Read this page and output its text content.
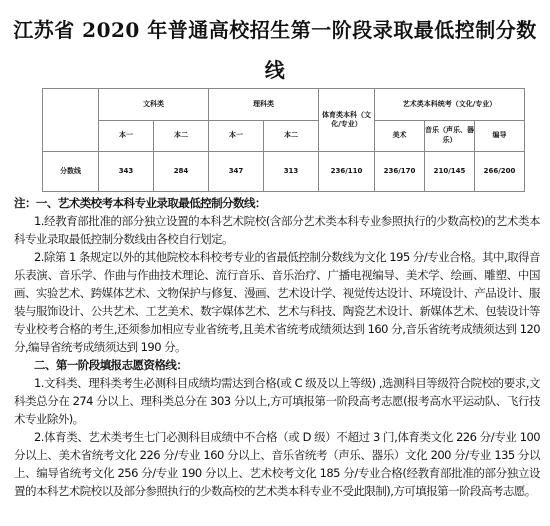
江苏省 2020 年普通高校招生第一阶段录取最低控制分数
线
	文科类		理科类		体育类本科（文化/专业）	艺术类本科统考（文化/专业）		
	本一	本二	本一	本二		美术	音乐（声乐、器乐）	编导
分数线	343	284	347	313	236/110	236/170	210/145	266/200

注：一、艺术类校考本科专业录取最低控制分数线：

1.经教育部批准的部分独立设置的本科艺术院校(含部分艺术类本科专业参照执行的少数高校)的艺术类本科专业录取最低控制分数线由各校自行划定。

2.除第 1 条规定以外的其他院校本科校考专业的省最低控制分数线为文化 195 分/专业合格。其中,取得音乐表演、音乐学、作曲与作曲技术理论、流行音乐、音乐治疗、广播电视编导、美术学、绘画、雕塑、中国画、实验艺术、跨媒体艺术、文物保护与修复、漫画、艺术设计学、视觉传达设计、环境设计、产品设计、服装与服饰设计、公共艺术、工艺美术、数字媒体艺术、艺术与科技、陶瓷艺术设计、新媒体艺术、包装设计等专业校考合格的考生,还须参加相应专业省统考,且美术省统考成绩须达到 160 分,音乐省统考成绩须达到 120 分,编导省统考成绩须达到 190 分。

二、第一阶段填报志愿资格线：

1.文科类、理科类考生必测科目成绩均需达到合格(或 C 级及以上等级) ,选测科目等级符合院校的要求,文科类总分在 274 分以上、理科类总分在 303 分以上,方可填报第一阶段高考志愿(报考高水平运动队、飞行技术专业除外)。

2.体育类、艺术类考生七门必测科目成绩中不合格（或 D 级）不超过 3 门,体育类文化 226 分/专业 100 分以上、美术省统考文化 226 分/专业 160 分以上、音乐省统考（声乐、器乐）文化 200 分/专业 135 分以上、编导省统考文化 256 分/专业 190 分以上、艺术校考文化 185 分/专业合格(经教育部批准的部分独立设置的本科艺术院校以及部分参照执行的少数高校的艺术类本科专业不受此限制),方可填报第一阶段高考志愿。
